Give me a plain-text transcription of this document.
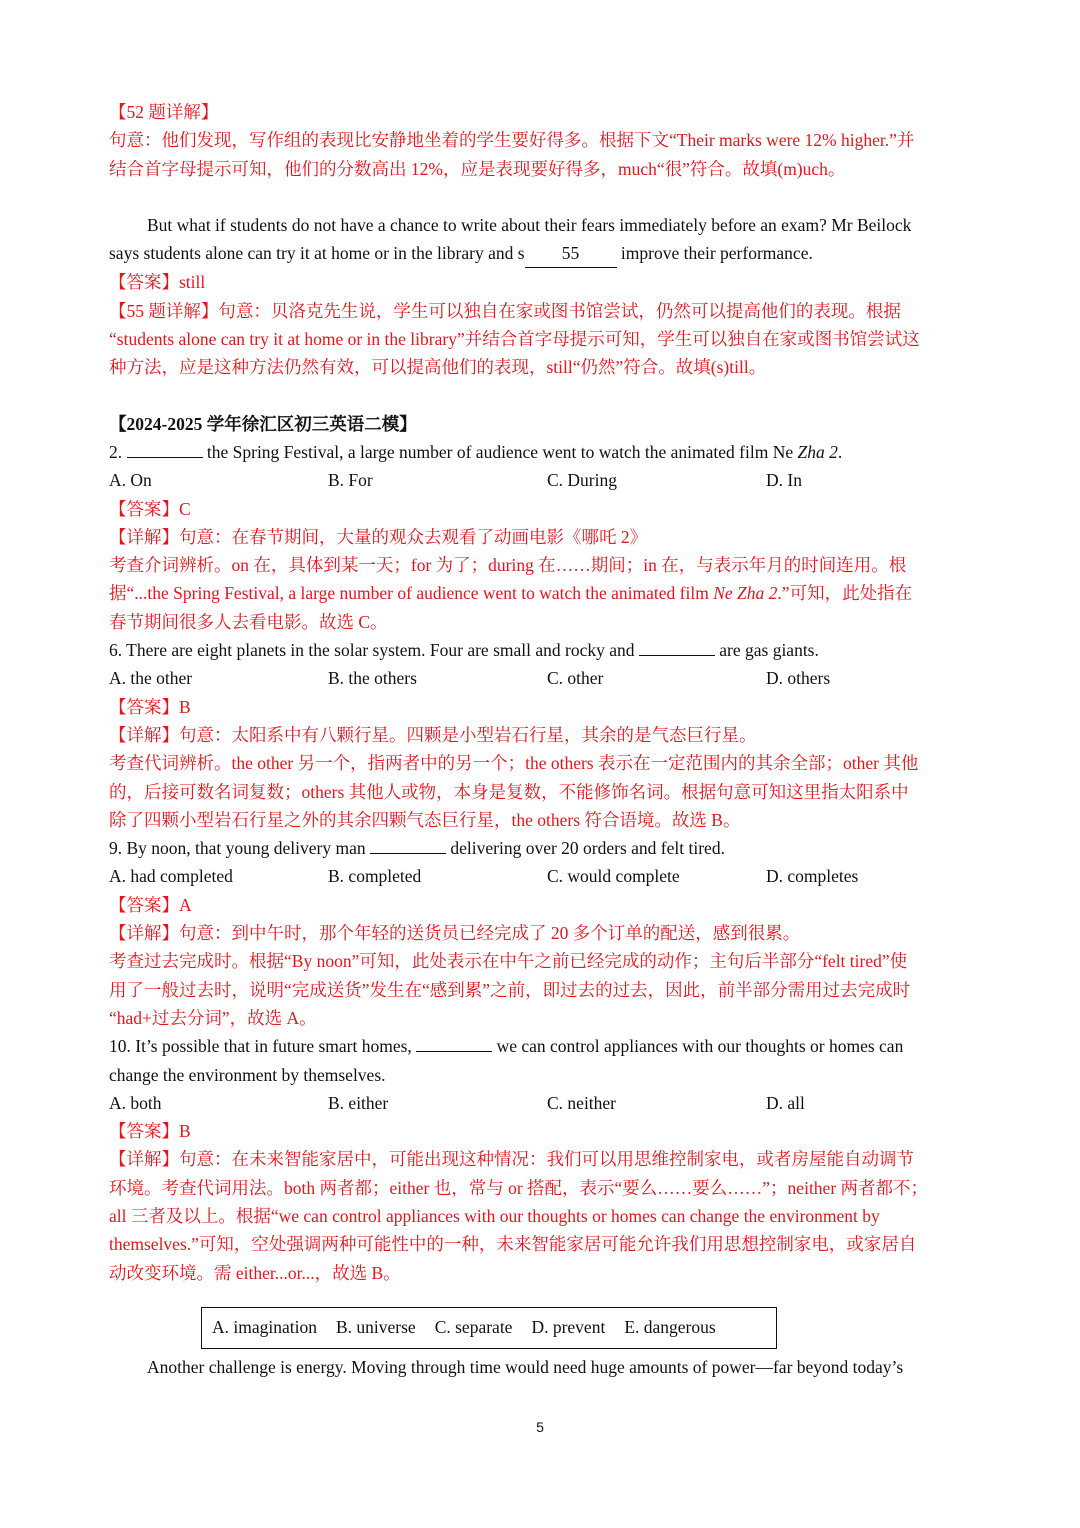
【52 题详解】
句意：他们发现，写作组的表现比安静地坐着的学生要好得多。根据下文“Their marks were 12% higher.”并
结合首字母提示可知，他们的分数高出 12%，应是表现要好得多，much“很”符合。故填(m)uch。
But what if students do not have a chance to write about their fears immediately before an exam? Mr Beilock
says students alone can try it at home or in the library and s 55 improve their performance.
【答案】still
【55 题详解】句意：贝洛克先生说，学生可以独自在家或图书馆尝试，仍然可以提高他们的表现。根据
“students alone can try it at home or in the library”并结合首字母提示可知，学生可以独自在家或图书馆尝试这
种方法，应是这种方法仍然有效，可以提高他们的表现，still“仍然”符合。故填(s)till。
【2024-2025 学年徐汇区初三英语二模】
2.	the Spring Festival, a large number of audience went to watch the animated film Ne Zha 2.
A. On	B. For	C. During	D. In
【答案】C
【详解】句意：在春节期间，大量的观众去观看了动画电影《哪吒 2》
考查介词辨析。on 在，具体到某一天；for 为了；during 在……期间；in 在，与表示年月的时间连用。根
据“...the Spring Festival, a large number of audience went to watch the animated film Ne Zha 2.”可知，此处指在
春节期间很多人去看电影。故选 C。
6. There are eight planets in the solar system. Four are small and rocky and	are gas giants.
A. the other	B. the others	C. other	D. others
【答案】B
【详解】句意：太阳系中有八颗行星。四颗是小型岩石行星，其余的是气态巨行星。
考查代词辨析。the other 另一个，指两者中的另一个；the others 表示在一定范围内的其余全部；other 其他
的，后接可数名词复数；others 其他人或物，本身是复数，不能修饰名词。根据句意可知这里指太阳系中
除了四颗小型岩石行星之外的其余四颗气态巨行星，the others 符合语境。故选 B。
9. By noon, that young delivery man	delivering over 20 orders and felt tired.
A. had completed	B. completed	C. would complete	D. completes
【答案】A
【详解】句意：到中午时，那个年轻的送货员已经完成了 20 多个订单的配送，感到很累。
考查过去完成时。根据“By noon”可知，此处表示在中午之前已经完成的动作；主句后半部分“felt tired”使
用了一般过去时，说明“完成送货”发生在“感到累”之前，即过去的过去，因此，前半部分需用过去完成时
“had+过去分词”，故选 A。
10. It’s possible that in future smart homes,	we can control appliances with our thoughts or homes can
change the environment by themselves.
A. both	B. either	C. neither	D. all
【答案】B
【详解】句意：在未来智能家居中，可能出现这种情况：我们可以用思维控制家电，或者房屋能自动调节
环境。考查代词用法。both 两者都；either 也，常与 or 搭配，表示“要么……要么……”；neither 两者都不；
all 三者及以上。根据“we can control appliances with our thoughts or homes can change the environment by
themselves.”可知，空处强调两种可能性中的一种，未来智能家居可能允许我们用思想控制家电，或家居自
动改变环境。需 either...or...，故选 B。
A. imagination B. universe C. separate D. prevent E. dangerous
Another challenge is energy. Moving through time would need huge amounts of power—far beyond today’s
5
